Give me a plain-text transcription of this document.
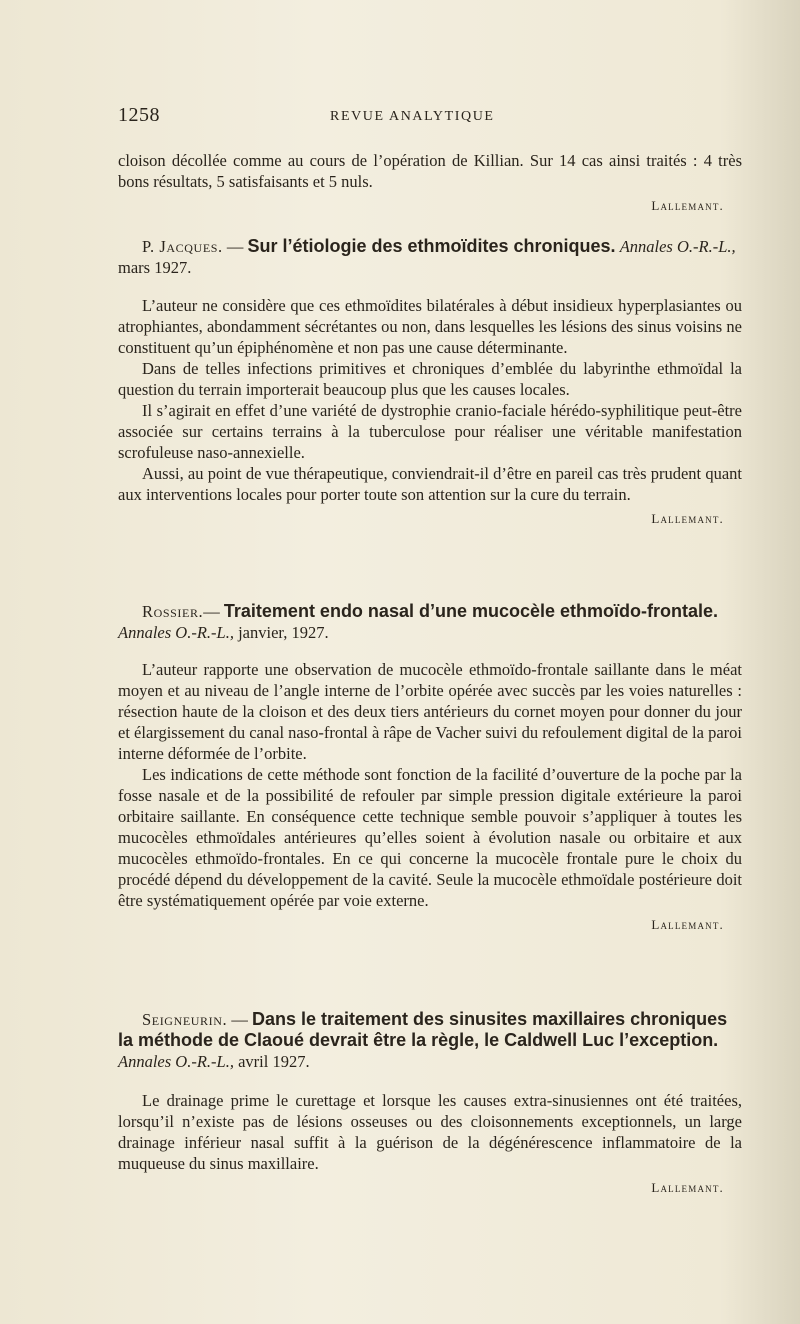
1258	REVUE ANALYTIQUE

cloison décollée comme au cours de l’opération de Killian. Sur 14 cas ainsi traités : 4 très bons résultats, 5 satisfaisants et 5 nuls.

Lallemant.

P. Jacques. — Sur l’étiologie des ethmoïdites chroniques. Annales O.-R.-L., mars 1927.

L’auteur ne considère que ces ethmoïdites bilatérales à début insidieux hyperplasiantes ou atrophiantes, abondamment sécrétantes ou non, dans lesquelles les lésions des sinus voisins ne constituent qu’un épiphénomène et non pas une cause déterminante.

Dans de telles infections primitives et chroniques d’emblée du labyrinthe ethmoïdal la question du terrain importerait beaucoup plus que les causes locales.

Il s’agirait en effet d’une variété de dystrophie cranio-faciale hérédo-syphilitique peut-être associée sur certains terrains à la tuberculose pour réaliser une véritable manifestation scrofuleuse naso-annexielle.

Aussi, au point de vue thérapeutique, conviendrait-il d’être en pareil cas très prudent quant aux interventions locales pour porter toute son attention sur la cure du terrain.

Lallemant.

Rossier.— Traitement endo nasal d’une mucocèle ethmoïdo-frontale. Annales O.-R.-L., janvier, 1927.

L’auteur rapporte une observation de mucocèle ethmoïdo-frontale saillante dans le méat moyen et au niveau de l’angle interne de l’orbite opérée avec succès par les voies naturelles : résection haute de la cloison et des deux tiers antérieurs du cornet moyen pour donner du jour et élargissement du canal naso-frontal à râpe de Vacher suivi du refoulement digital de la paroi interne déformée de l’orbite.

Les indications de cette méthode sont fonction de la facilité d’ouverture de la poche par la fosse nasale et de la possibilité de refouler par simple pression digitale extérieure la paroi orbitaire saillante. En conséquence cette technique semble pouvoir s’appliquer à toutes les mucocèles ethmoïdales antérieures qu’elles soient à évolution nasale ou orbitaire et aux mucocèles ethmoïdo-frontales. En ce qui concerne la mucocèle frontale pure le choix du procédé dépend du développement de la cavité. Seule la mucocèle ethmoïdale postérieure doit être systématiquement opérée par voie externe.

Lallemant.

Seigneurin. — Dans le traitement des sinusites maxillaires chroniques la méthode de Claoué devrait être la règle, le Caldwell Luc l’exception. Annales O.-R.-L., avril 1927.

Le drainage prime le curettage et lorsque les causes extra-sinusiennes ont été traitées, lorsqu’il n’existe pas de lésions osseuses ou des cloisonnements exceptionnels, un large drainage inférieur nasal suffit à la guérison de la dégénérescence inflammatoire de la muqueuse du sinus maxillaire.

Lallemant.
